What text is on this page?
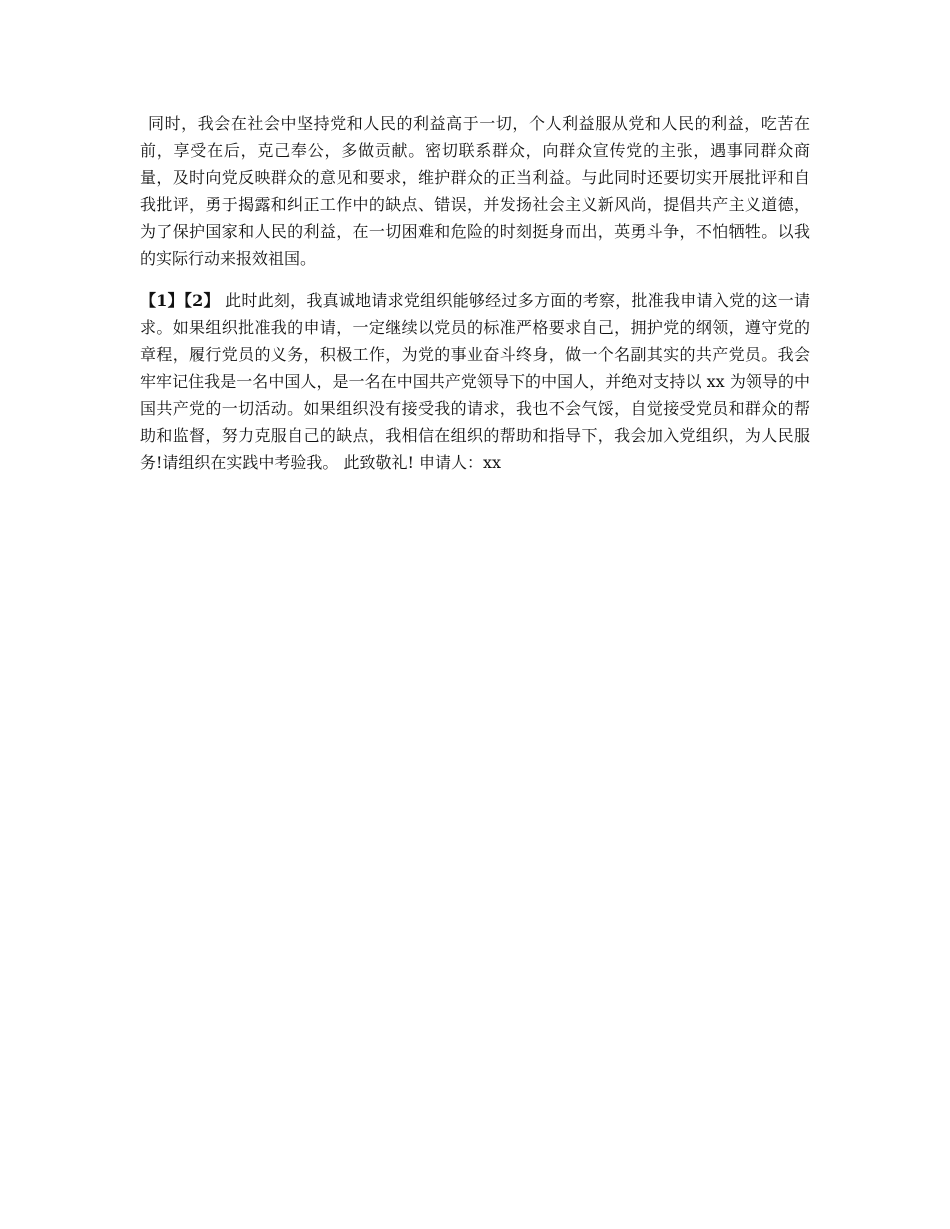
同时，我会在社会中坚持党和人民的利益高于一切，个人利益服从党和人民的利益，吃苦在前，享受在后，克己奉公，多做贡献。密切联系群众，向群众宣传党的主张，遇事同群众商量，及时向党反映群众的意见和要求，维护群众的正当利益。与此同时还要切实开展批评和自我批评，勇于揭露和纠正工作中的缺点、错误，并发扬社会主义新风尚，提倡共产主义道德，为了保护国家和人民的利益，在一切困难和危险的时刻挺身而出，英勇斗争，不怕牺牲。以我的实际行动来报效祖国。

【1】【2】 此时此刻，我真诚地请求党组织能够经过多方面的考察，批准我申请入党的这一请求。如果组织批准我的申请，一定继续以党员的标准严格要求自己，拥护党的纲领，遵守党的章程，履行党员的义务，积极工作，为党的事业奋斗终身，做一个名副其实的共产党员。我会牢牢记住我是一名中国人，是一名在中国共产党领导下的中国人，并绝对支持以 xx 为领导的中国共产党的一切活动。如果组织没有接受我的请求，我也不会气馁，自觉接受党员和群众的帮助和监督，努力克服自己的缺点，我相信在组织的帮助和指导下，我会加入党组织，为人民服务!请组织在实践中考验我。 此致敬礼! 申请人：xx
